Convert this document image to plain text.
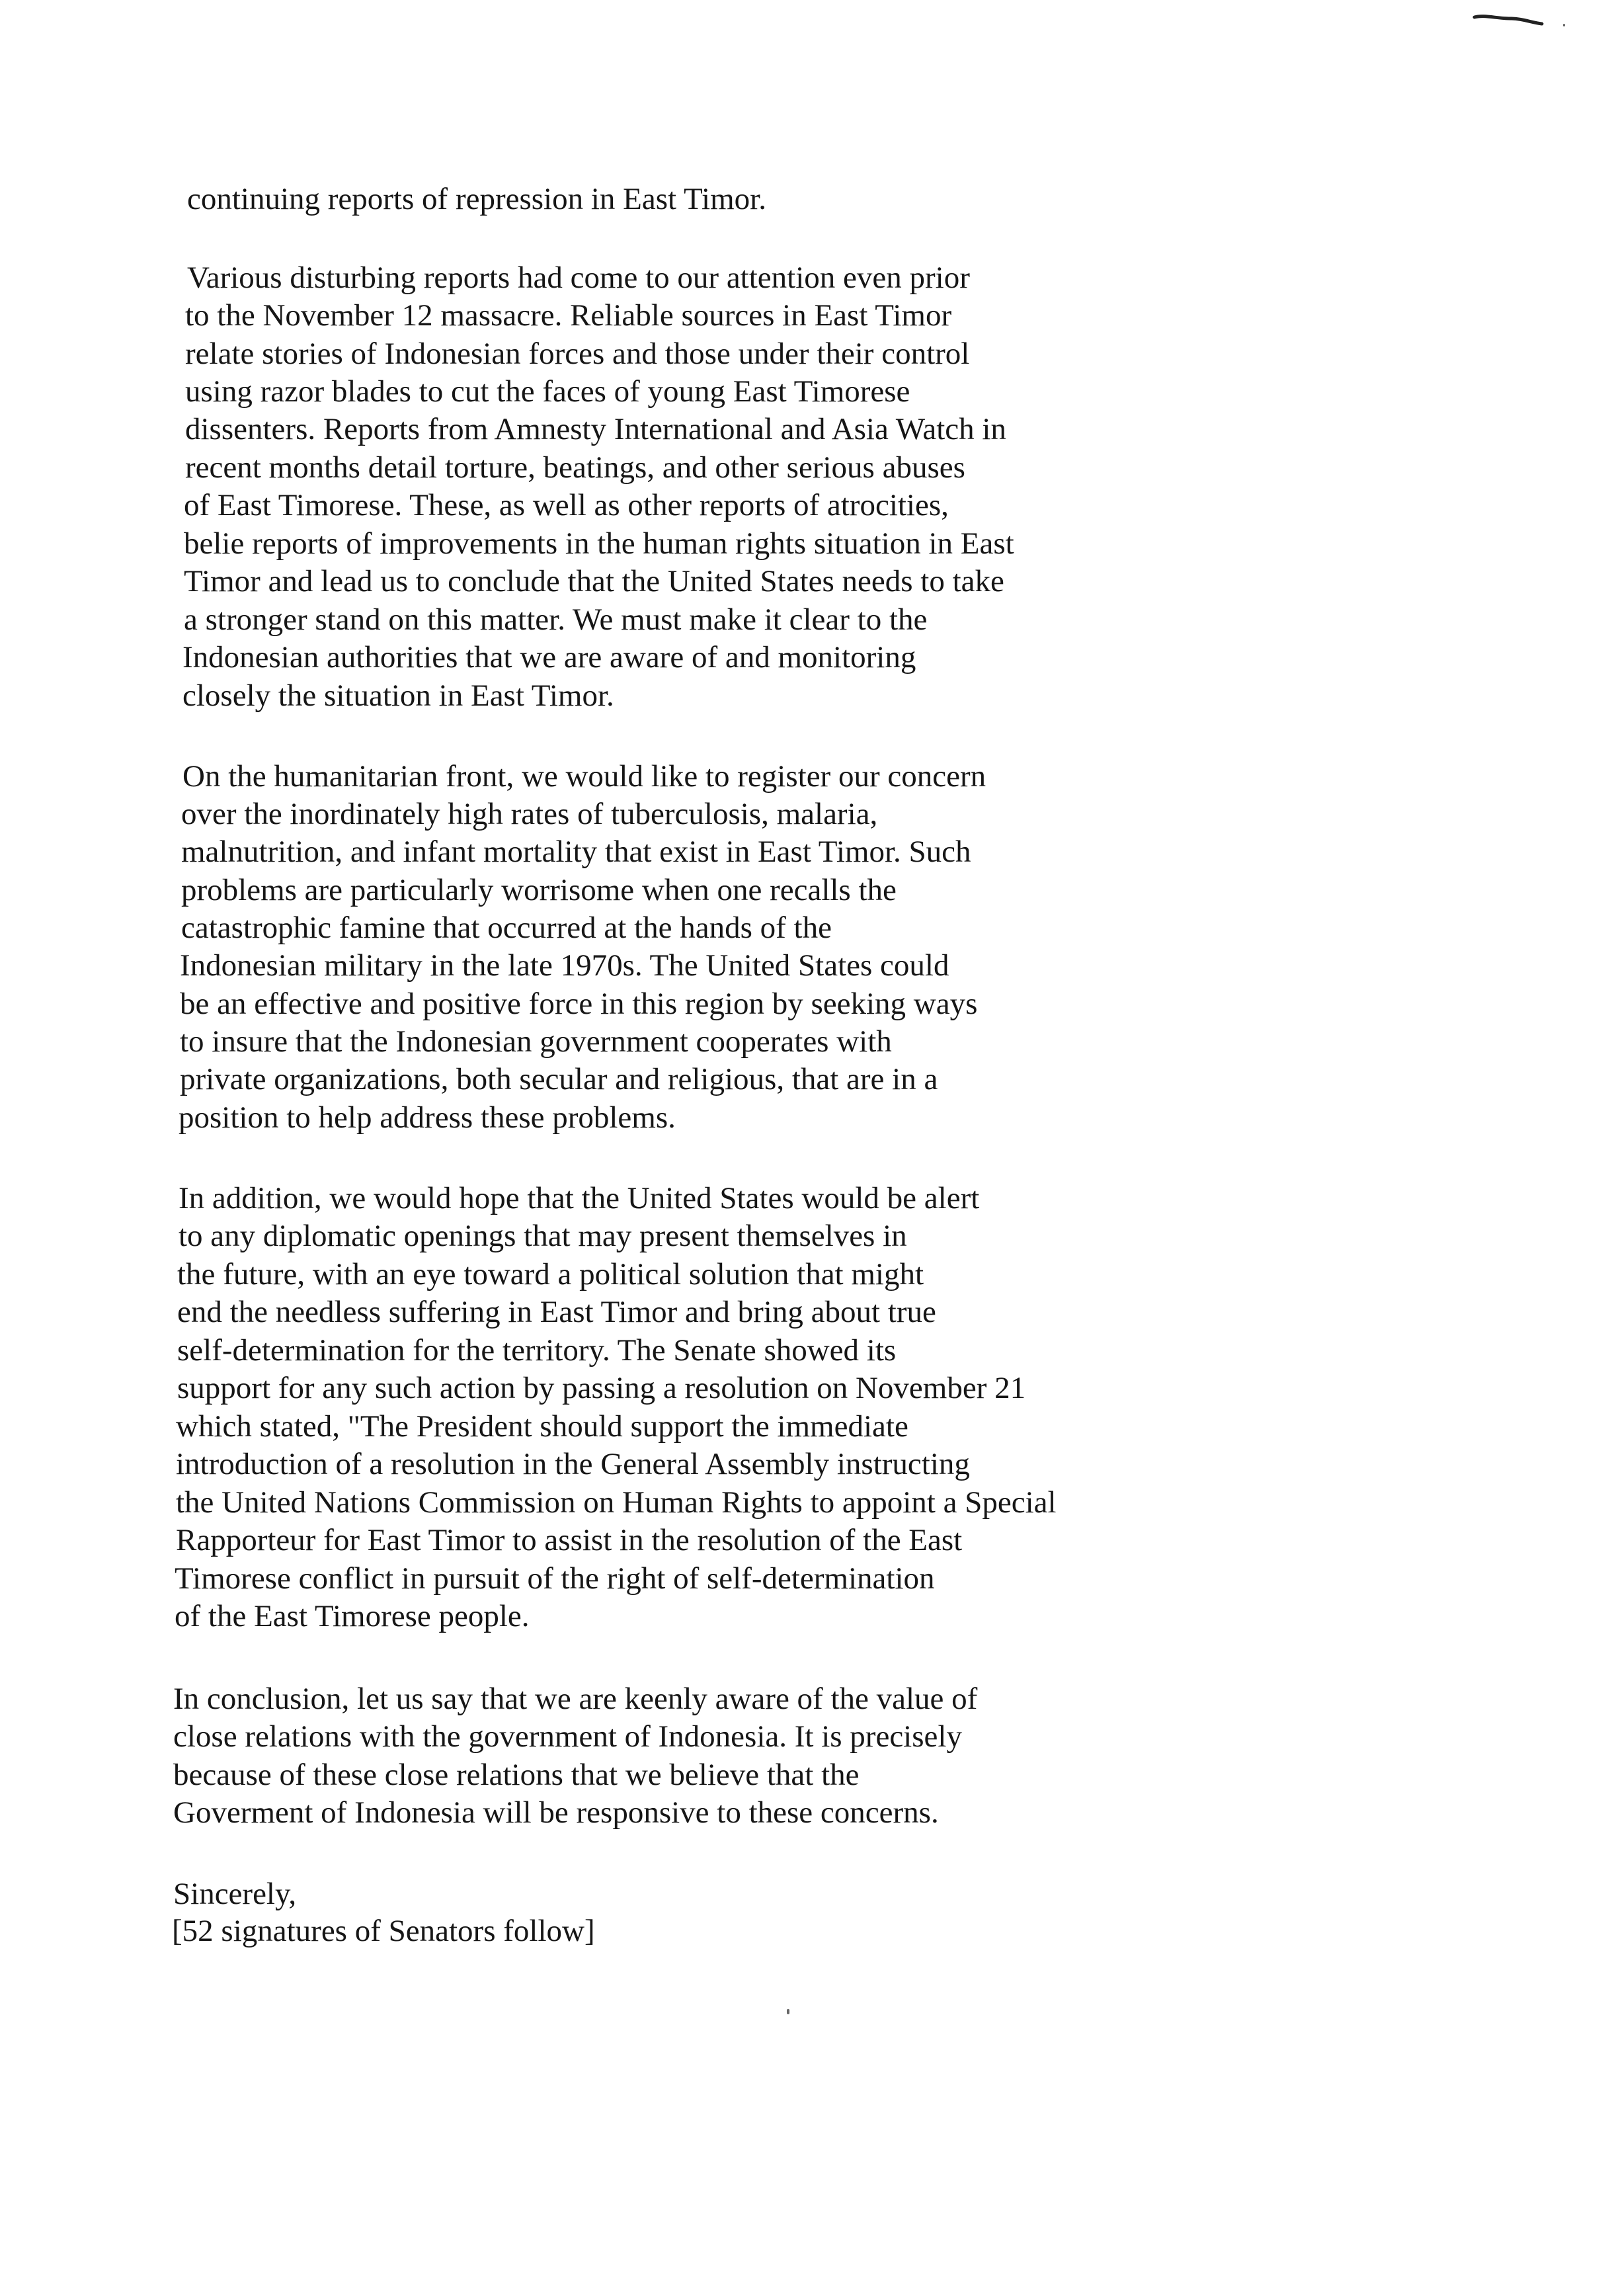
continuing reports of repression in East Timor.
Various disturbing reports had come to our attention even prior
to the November 12 massacre. Reliable sources in East Timor
relate stories of Indonesian forces and those under their control
using razor blades to cut the faces of young East Timorese
dissenters. Reports from Amnesty International and Asia Watch in
recent months detail torture, beatings, and other serious abuses
of East Timorese. These, as well as other reports of atrocities,
belie reports of improvements in the human rights situation in East
Timor and lead us to conclude that the United States needs to take
a stronger stand on this matter. We must make it clear to the
Indonesian authorities that we are aware of and monitoring
closely the situation in East Timor.
On the humanitarian front, we would like to register our concern
over the inordinately high rates of tuberculosis, malaria,
malnutrition, and infant mortality that exist in East Timor. Such
problems are particularly worrisome when one recalls the
catastrophic famine that occurred at the hands of the
Indonesian military in the late 1970s. The United States could
be an effective and positive force in this region by seeking ways
to insure that the Indonesian government cooperates with
private organizations, both secular and religious, that are in a
position to help address these problems.
In addition, we would hope that the United States would be alert
to any diplomatic openings that may present themselves in
the future, with an eye toward a political solution that might
end the needless suffering in East Timor and bring about true
self-determination for the territory. The Senate showed its
support for any such action by passing a resolution on November 21
which stated, "The President should support the immediate
introduction of a resolution in the General Assembly instructing
the United Nations Commission on Human Rights to appoint a Special
Rapporteur for East Timor to assist in the resolution of the East
Timorese conflict in pursuit of the right of self-determination
of the East Timorese people.
In conclusion, let us say that we are keenly aware of the value of
close relations with the government of Indonesia. It is precisely
because of these close relations that we believe that the
Goverment of Indonesia will be responsive to these concerns.
Sincerely,
[52 signatures of Senators follow]
